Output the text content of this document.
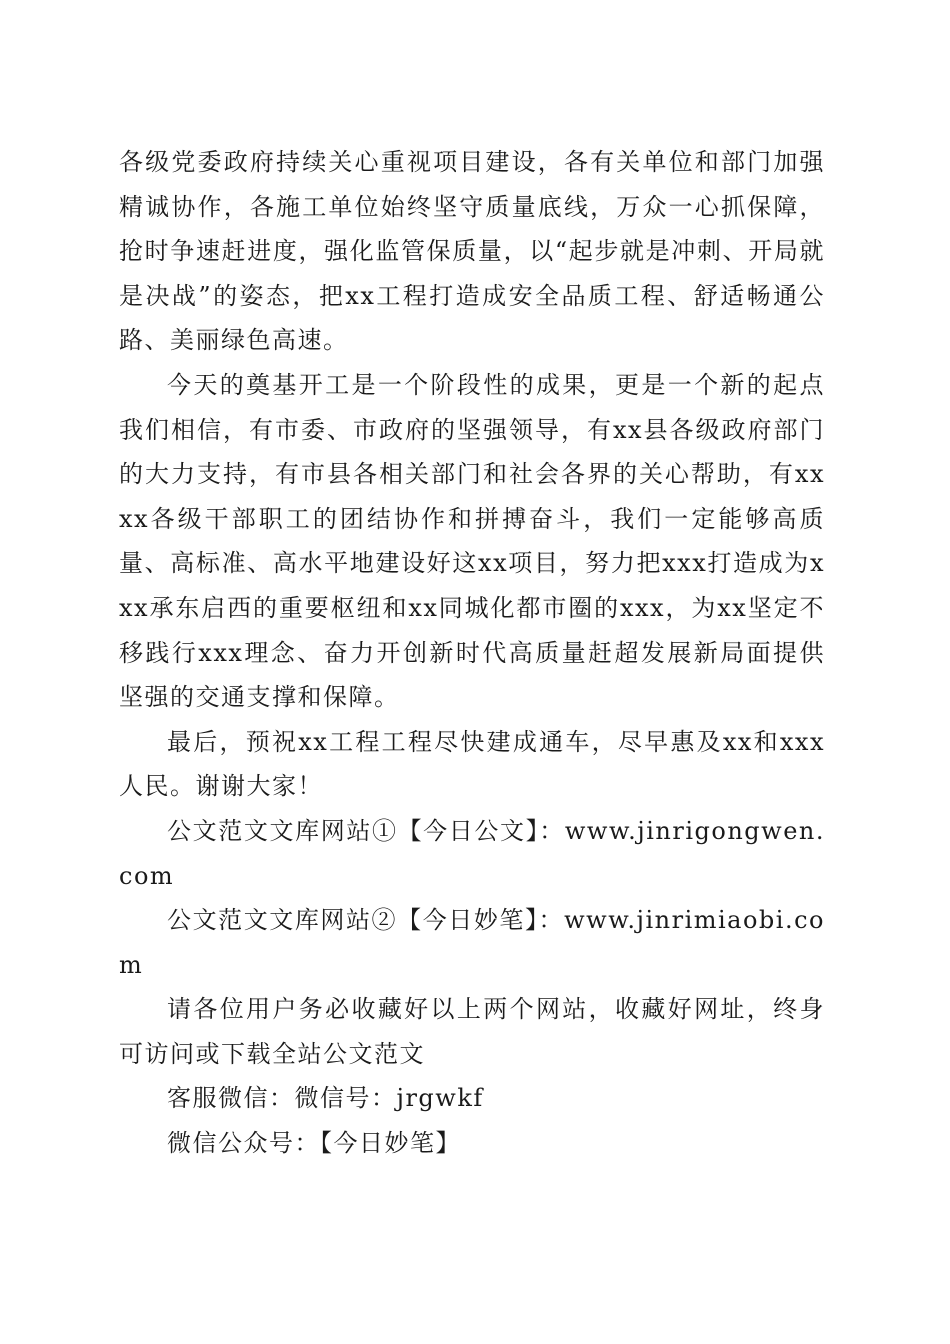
各级党委政府持续关心重视项目建设，各有关单位和部门加强精诚协作，各施工单位始终坚守质量底线，万众一心抓保障，抢时争速赶进度，强化监管保质量，以“起步就是冲刺、开局就是决战”的姿态，把xx工程打造成安全品质工程、舒适畅通公路、美丽绿色高速。

今天的奠基开工是一个阶段性的成果，更是一个新的起点我们相信，有市委、市政府的坚强领导，有xx县各级政府部门的大力支持，有市县各相关部门和社会各界的关心帮助，有xxxx各级干部职工的团结协作和拼搏奋斗，我们一定能够高质量、高标准、高水平地建设好这xx项目，努力把xxx打造成为xxx承东启西的重要枢纽和xx同城化都市圈的xxx，为xx坚定不移践行xxx理念、奋力开创新时代高质量赶超发展新局面提供坚强的交通支撑和保障。

最后，预祝xx工程工程尽快建成通车，尽早惠及xx和xxx人民。谢谢大家！

公文范文文库网站①【今日公文】：www.jinrigongwen.com

公文范文文库网站②【今日妙笔】：www.jinrimiaobi.com

请各位用户务必收藏好以上两个网站，收藏好网址，终身可访问或下载全站公文范文

客服微信：微信号：jrgwkf

微信公众号：【今日妙笔】
